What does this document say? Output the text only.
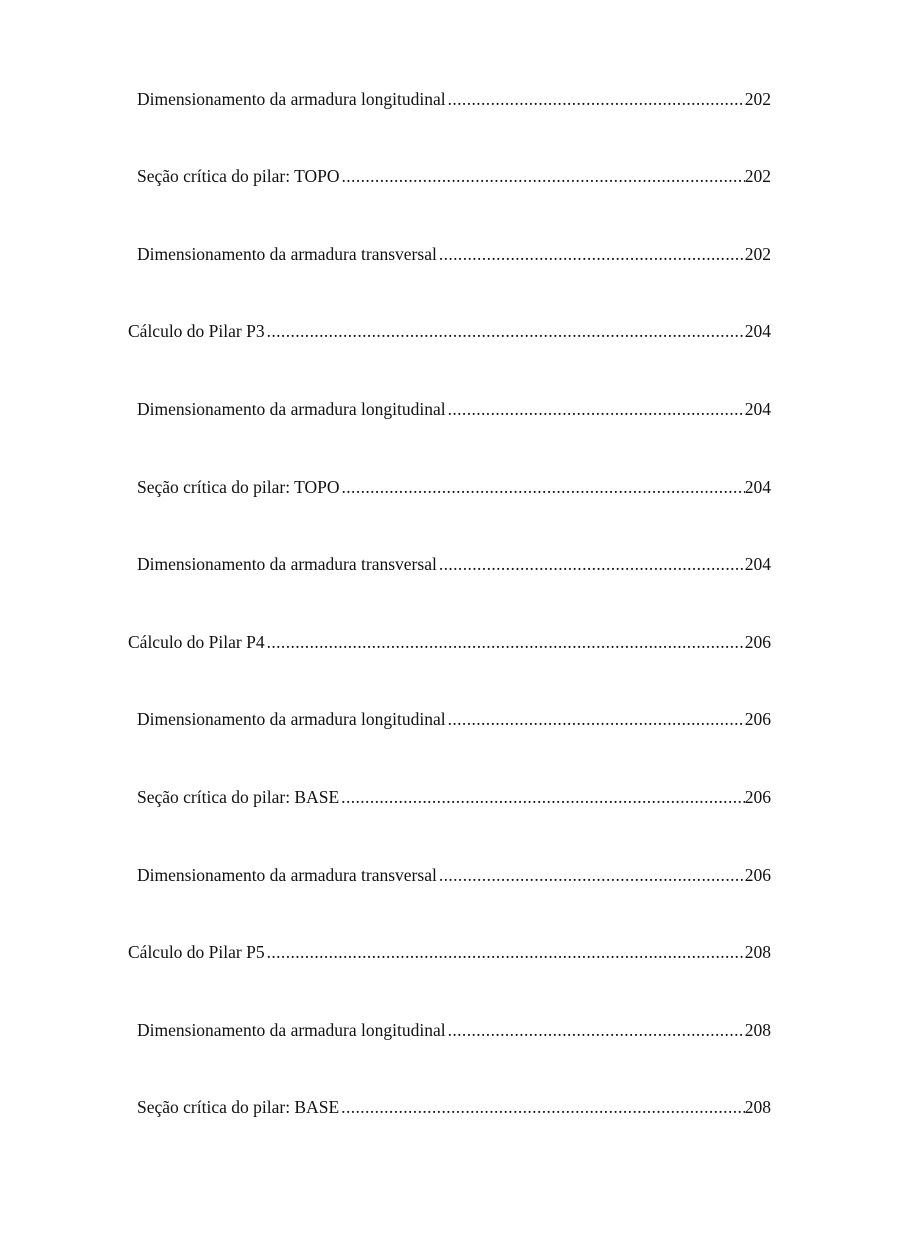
Dimensionamento da armadura longitudinal .....	202
Seção crítica do pilar: TOPO .....	202
Dimensionamento da armadura transversal .....	202
Cálculo do Pilar P3 .....	204
Dimensionamento da armadura longitudinal .....	204
Seção crítica do pilar: TOPO .....	204
Dimensionamento da armadura transversal .....	204
Cálculo do Pilar P4 .....	206
Dimensionamento da armadura longitudinal .....	206
Seção crítica do pilar: BASE .....	206
Dimensionamento da armadura transversal .....	206
Cálculo do Pilar P5 .....	208
Dimensionamento da armadura longitudinal .....	208
Seção crítica do pilar: BASE .....	208
